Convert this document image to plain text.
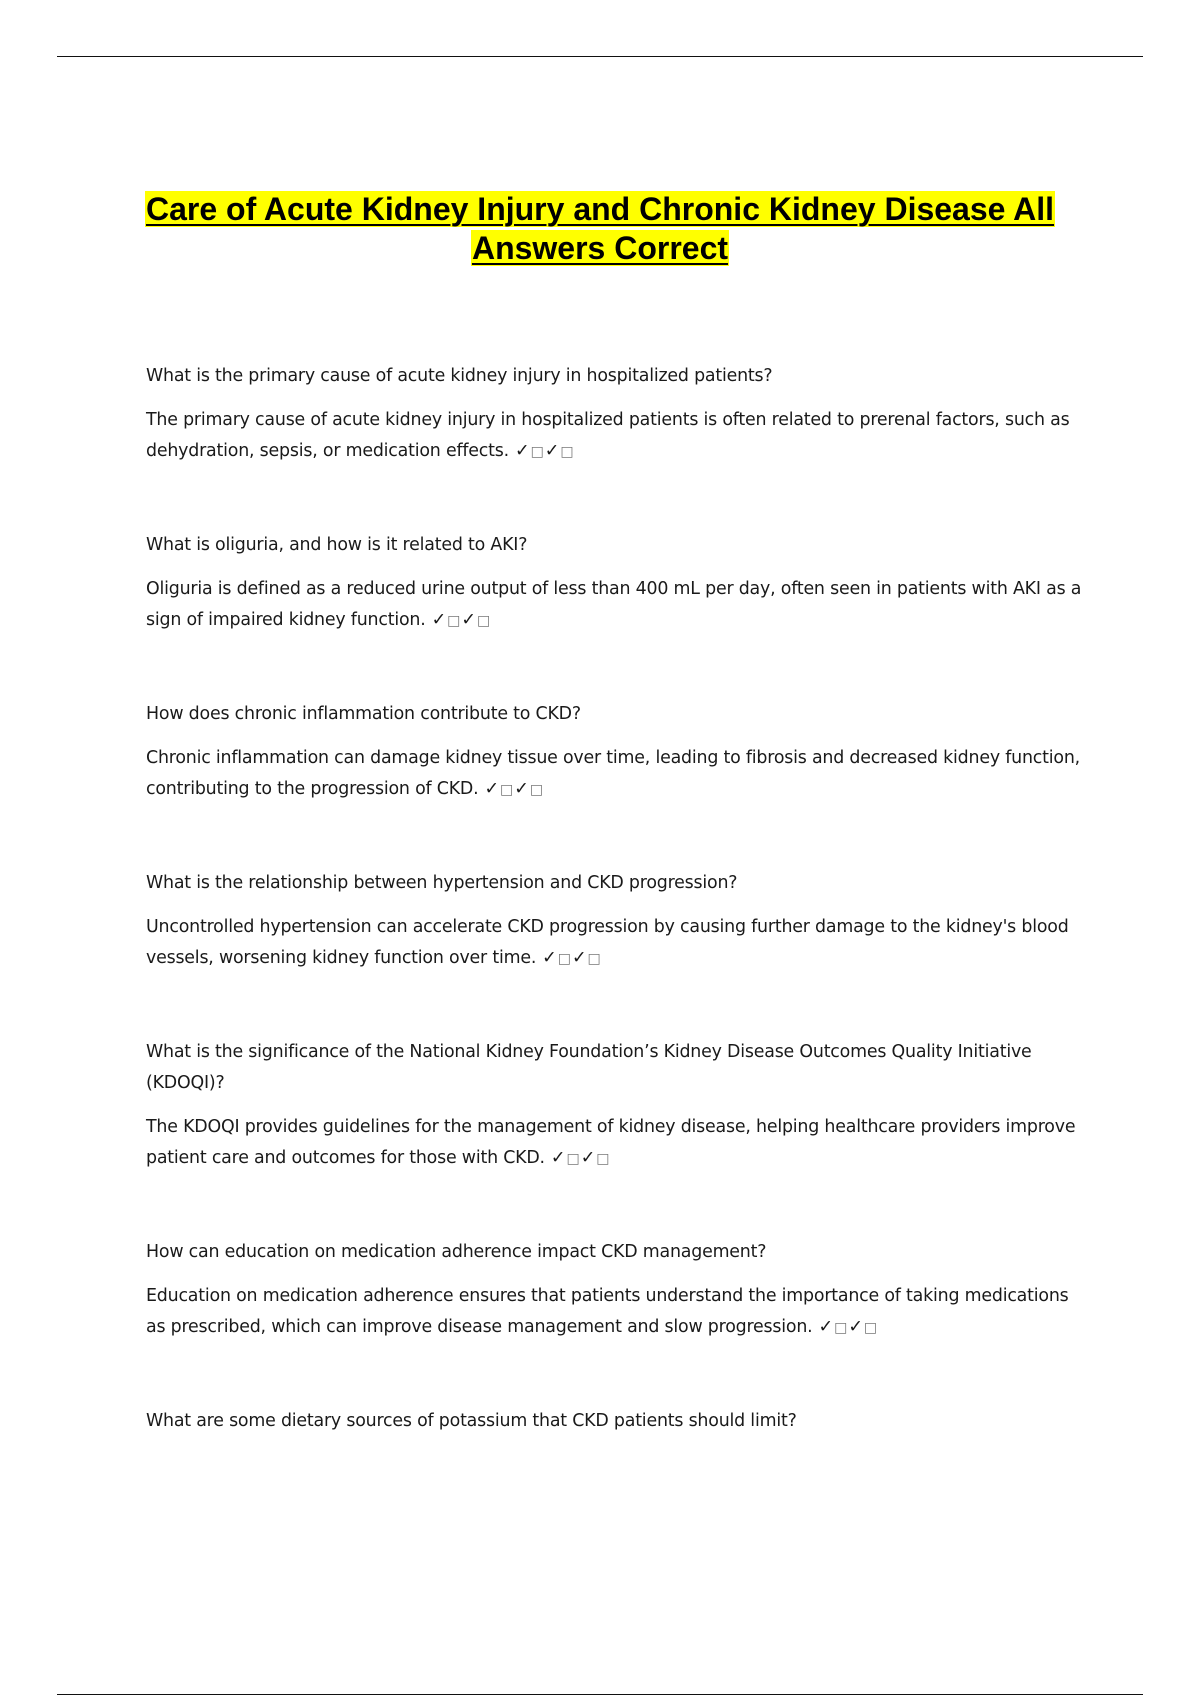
Care of Acute Kidney Injury and Chronic Kidney Disease All
Answers Correct

What is the primary cause of acute kidney injury in hospitalized patients?

The primary cause of acute kidney injury in hospitalized patients is often related to prerenal factors, such as dehydration, sepsis, or medication effects. ✓□✓□

What is oliguria, and how is it related to AKI?

Oliguria is defined as a reduced urine output of less than 400 mL per day, often seen in patients with AKI as a sign of impaired kidney function. ✓□✓□

How does chronic inflammation contribute to CKD?

Chronic inflammation can damage kidney tissue over time, leading to fibrosis and decreased kidney function, contributing to the progression of CKD. ✓□✓□

What is the relationship between hypertension and CKD progression?

Uncontrolled hypertension can accelerate CKD progression by causing further damage to the kidney's blood vessels, worsening kidney function over time. ✓□✓□

What is the significance of the National Kidney Foundation’s Kidney Disease Outcomes Quality Initiative (KDOQI)?

The KDOQI provides guidelines for the management of kidney disease, helping healthcare providers improve patient care and outcomes for those with CKD. ✓□✓□

How can education on medication adherence impact CKD management?

Education on medication adherence ensures that patients understand the importance of taking medications as prescribed, which can improve disease management and slow progression. ✓□✓□

What are some dietary sources of potassium that CKD patients should limit?
